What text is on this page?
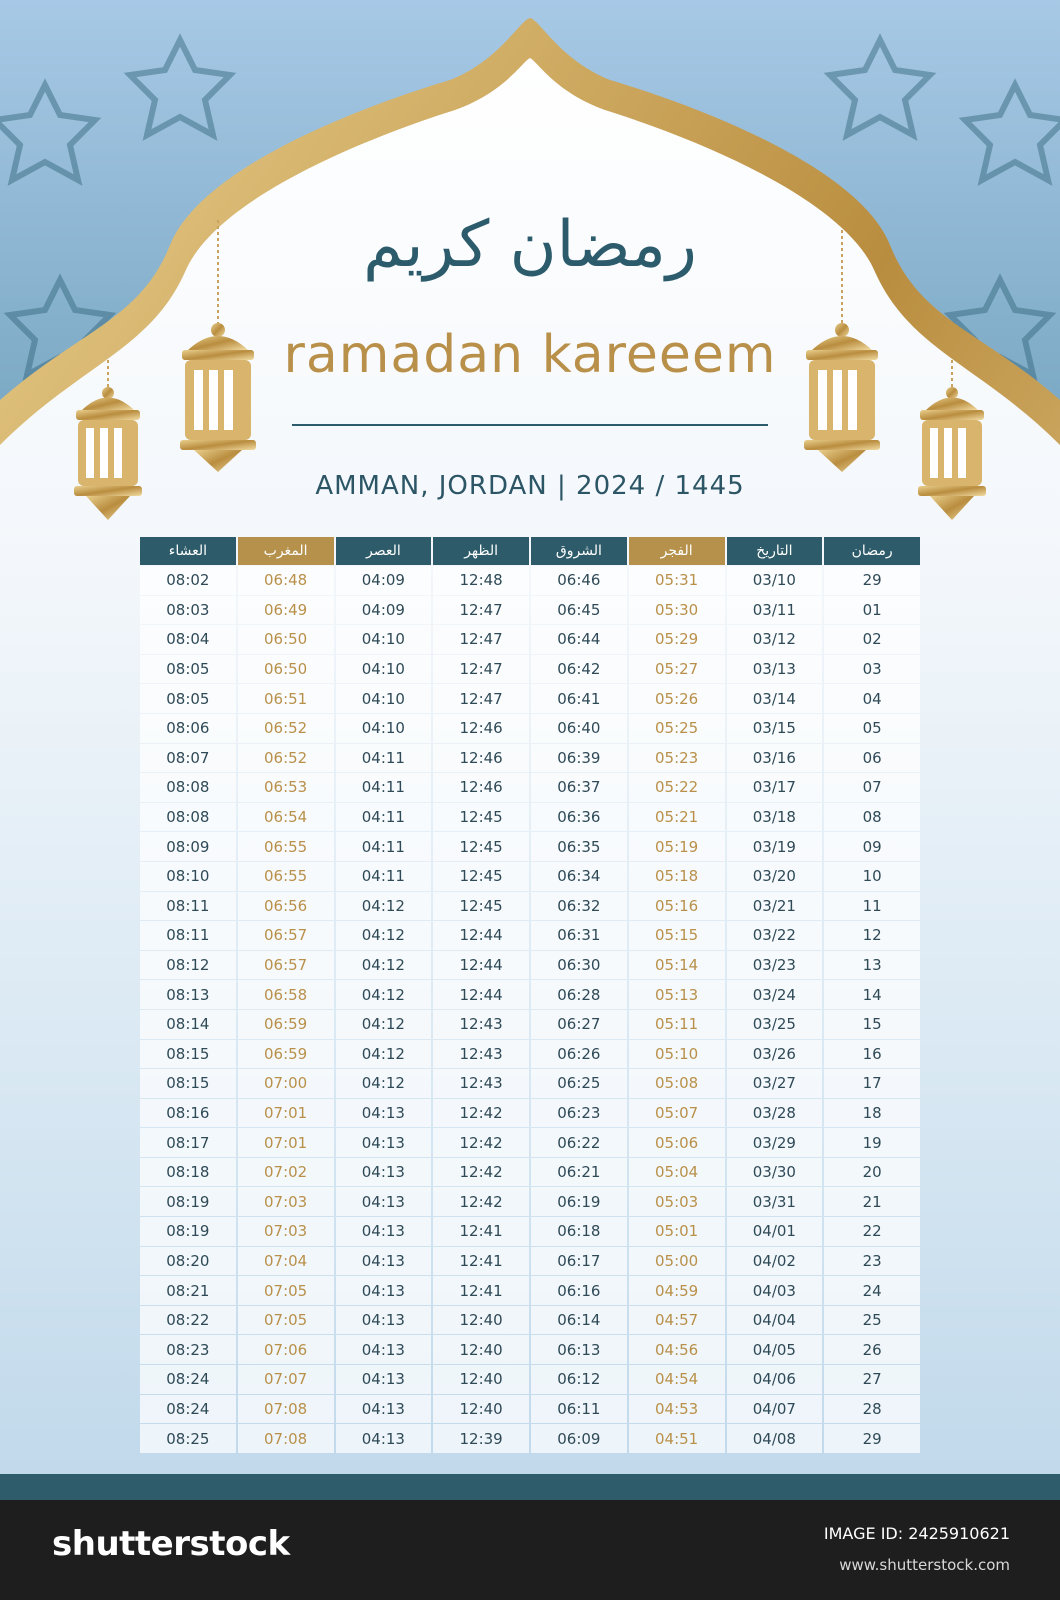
رمضان كريم
ramadan kareeem
AMMAN, JORDAN | 2024 / 1445
رمضان	التاريخ	الفجر	الشروق	الظهر	العصر	المغرب	العشاء
29	03/10	05:31	06:46	12:48	04:09	06:48	08:02
01	03/11	05:30	06:45	12:47	04:09	06:49	08:03
02	03/12	05:29	06:44	12:47	04:10	06:50	08:04
03	03/13	05:27	06:42	12:47	04:10	06:50	08:05
04	03/14	05:26	06:41	12:47	04:10	06:51	08:05
05	03/15	05:25	06:40	12:46	04:10	06:52	08:06
06	03/16	05:23	06:39	12:46	04:11	06:52	08:07
07	03/17	05:22	06:37	12:46	04:11	06:53	08:08
08	03/18	05:21	06:36	12:45	04:11	06:54	08:08
09	03/19	05:19	06:35	12:45	04:11	06:55	08:09
10	03/20	05:18	06:34	12:45	04:11	06:55	08:10
11	03/21	05:16	06:32	12:45	04:12	06:56	08:11
12	03/22	05:15	06:31	12:44	04:12	06:57	08:11
13	03/23	05:14	06:30	12:44	04:12	06:57	08:12
14	03/24	05:13	06:28	12:44	04:12	06:58	08:13
15	03/25	05:11	06:27	12:43	04:12	06:59	08:14
16	03/26	05:10	06:26	12:43	04:12	06:59	08:15
17	03/27	05:08	06:25	12:43	04:12	07:00	08:15
18	03/28	05:07	06:23	12:42	04:13	07:01	08:16
19	03/29	05:06	06:22	12:42	04:13	07:01	08:17
20	03/30	05:04	06:21	12:42	04:13	07:02	08:18
21	03/31	05:03	06:19	12:42	04:13	07:03	08:19
22	04/01	05:01	06:18	12:41	04:13	07:03	08:19
23	04/02	05:00	06:17	12:41	04:13	07:04	08:20
24	04/03	04:59	06:16	12:41	04:13	07:05	08:21
25	04/04	04:57	06:14	12:40	04:13	07:05	08:22
26	04/05	04:56	06:13	12:40	04:13	07:06	08:23
27	04/06	04:54	06:12	12:40	04:13	07:07	08:24
28	04/07	04:53	06:11	12:40	04:13	07:08	08:24
29	04/08	04:51	06:09	12:39	04:13	07:08	08:25
shutterstock	IMAGE ID: 2425910621
www.shutterstock.com
